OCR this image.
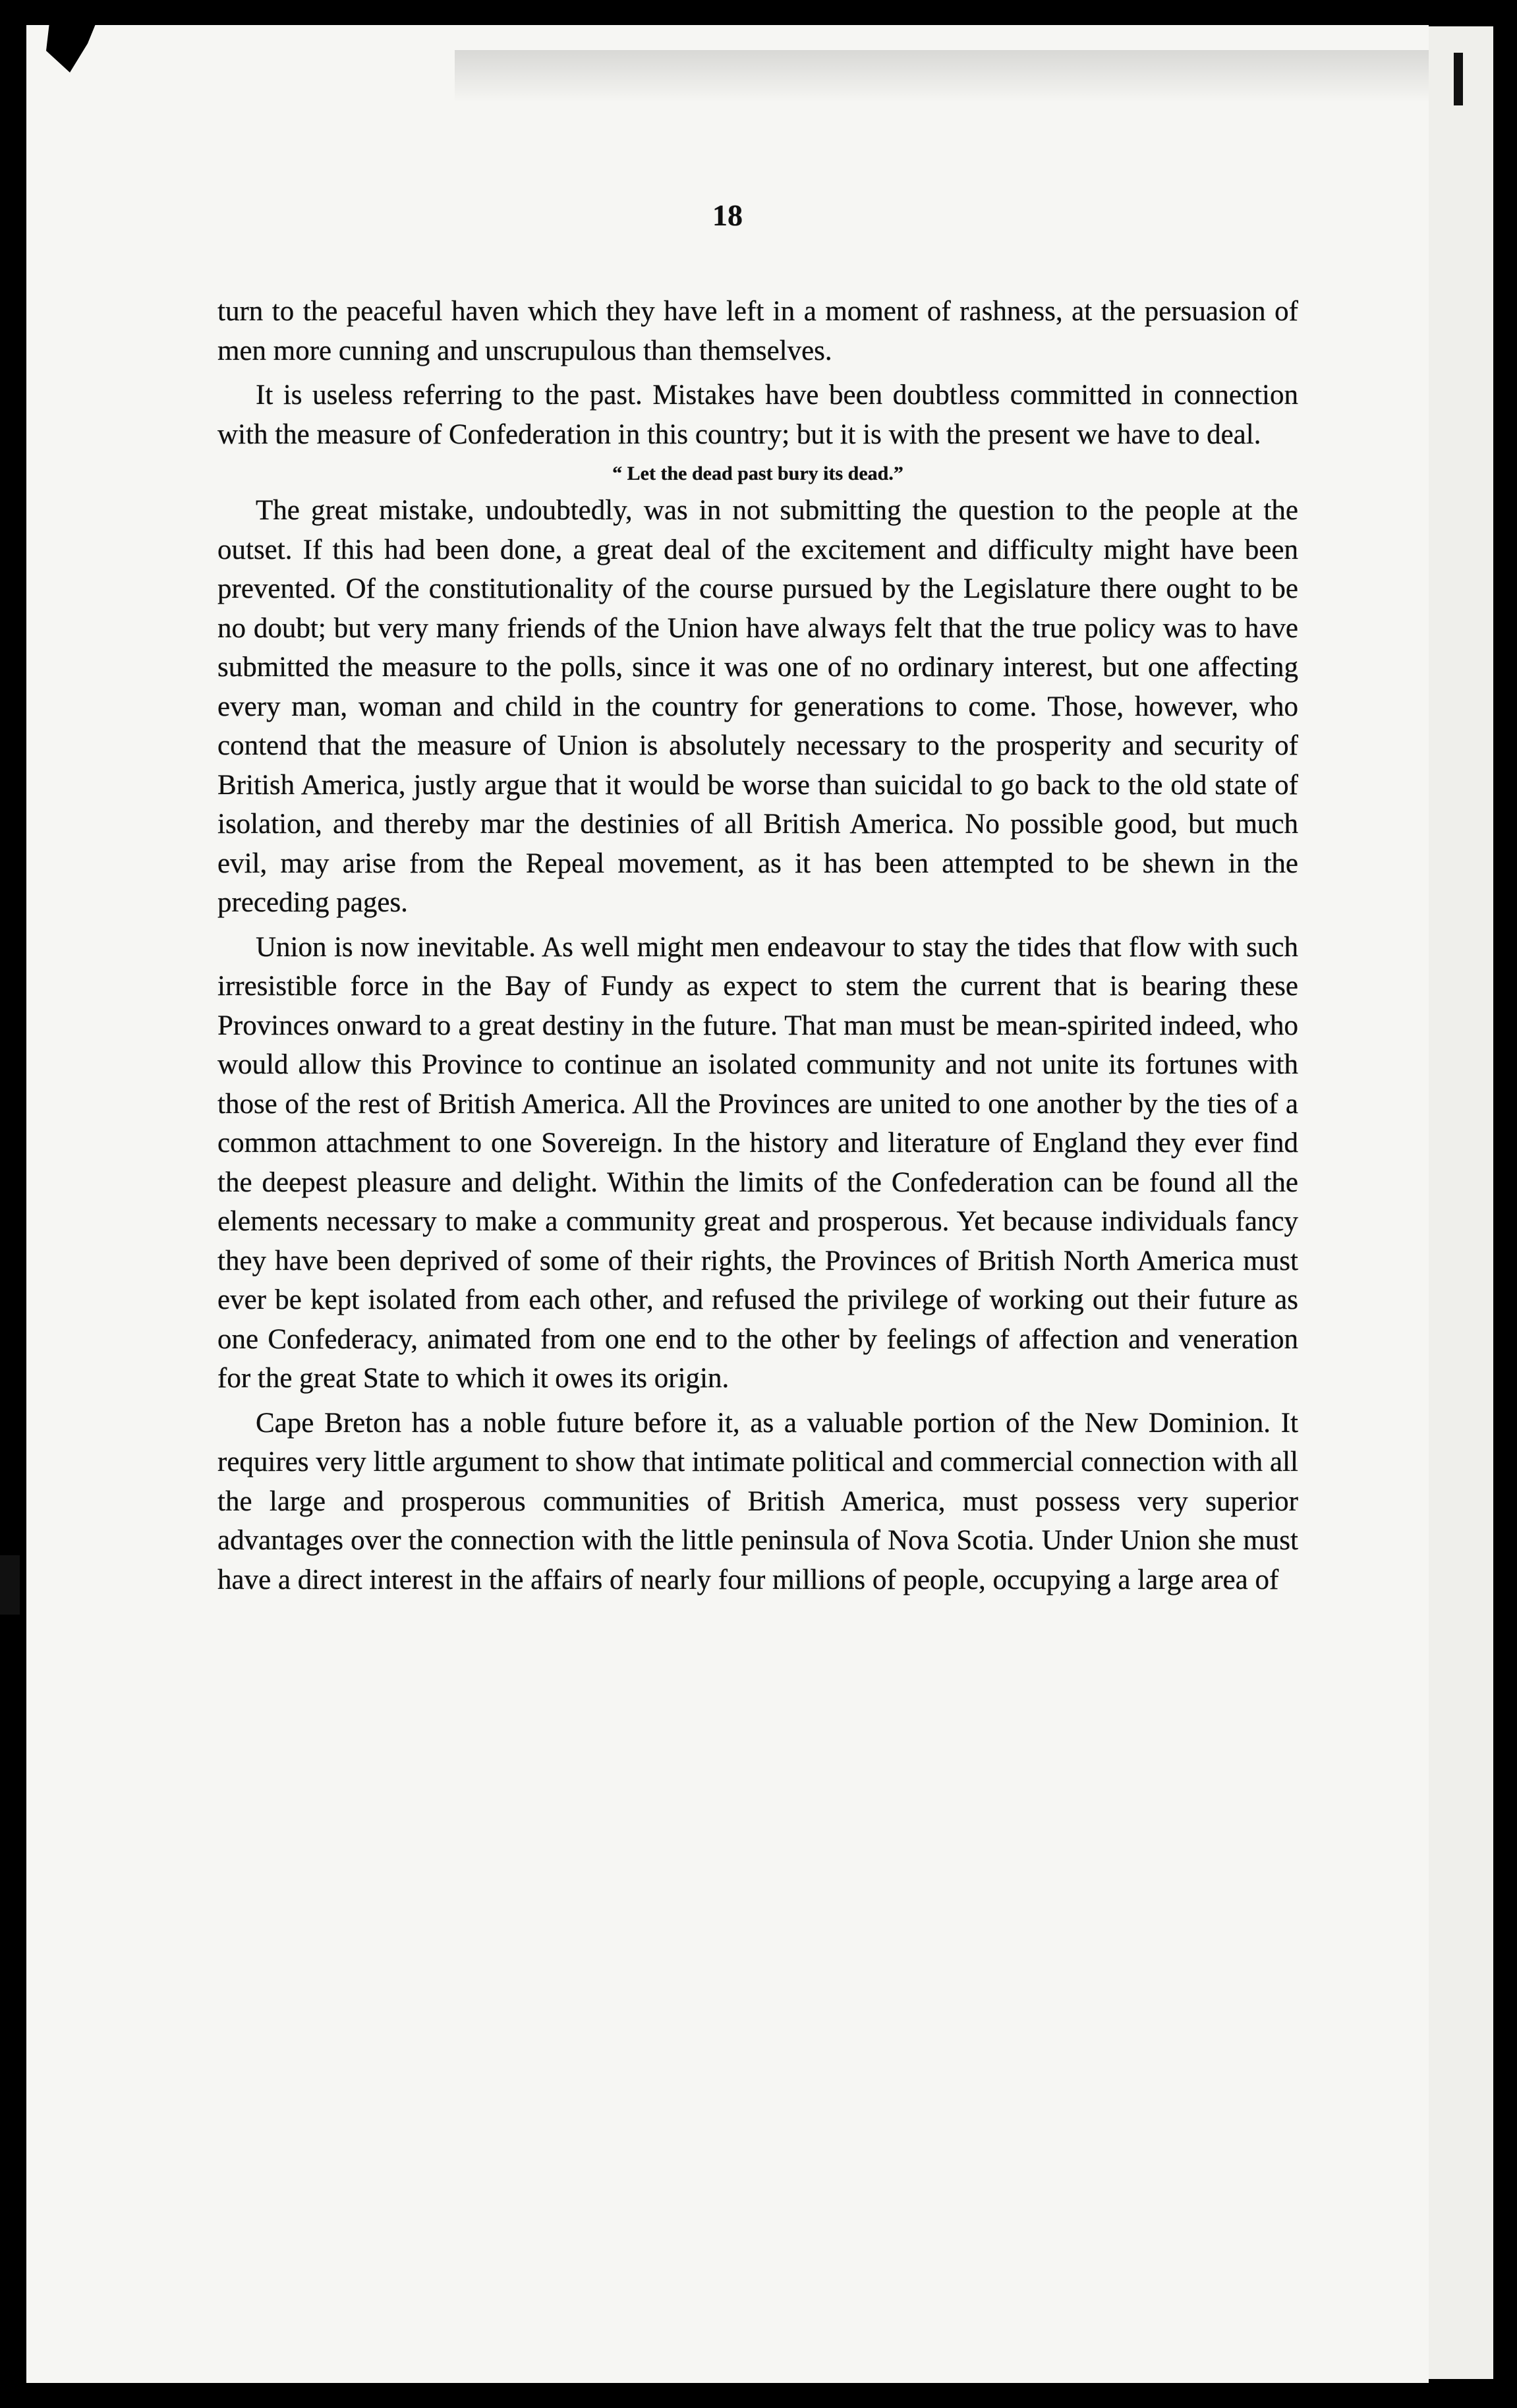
18

turn to the peaceful haven which they have left in a moment of rashness, at the persuasion of men more cunning and unscrupulous than themselves.

It is useless referring to the past. Mistakes have been doubtless committed in connection with the measure of Confederation in this country; but it is with the present we have to deal.

“ Let the dead past bury its dead.”

The great mistake, undoubtedly, was in not submitting the question to the people at the outset. If this had been done, a great deal of the excitement and difficulty might have been prevented. Of the constitutionality of the course pursued by the Legislature there ought to be no doubt; but very many friends of the Union have always felt that the true policy was to have submitted the measure to the polls, since it was one of no ordinary interest, but one affecting every man, woman and child in the country for generations to come. Those, however, who contend that the measure of Union is absolutely necessary to the prosperity and security of British America, justly argue that it would be worse than suicidal to go back to the old state of isolation, and thereby mar the destinies of all British America. No possible good, but much evil, may arise from the Repeal movement, as it has been attempted to be shewn in the preceding pages.

Union is now inevitable. As well might men endeavour to stay the tides that flow with such irresistible force in the Bay of Fundy as expect to stem the current that is bearing these Provinces onward to a great destiny in the future. That man must be mean-spirited indeed, who would allow this Province to continue an isolated community and not unite its fortunes with those of the rest of British America. All the Provinces are united to one another by the ties of a common attachment to one Sovereign. In the history and literature of England they ever find the deepest pleasure and delight. Within the limits of the Confederation can be found all the elements necessary to make a community great and prosperous. Yet because individuals fancy they have been deprived of some of their rights, the Provinces of British North America must ever be kept isolated from each other, and refused the privilege of working out their future as one Confederacy, animated from one end to the other by feelings of affection and veneration for the great State to which it owes its origin.

Cape Breton has a noble future before it, as a valuable portion of the New Dominion. It requires very little argument to show that intimate political and commercial connection with all the large and prosperous communities of British America, must possess very superior advantages over the connection with the little peninsula of Nova Scotia. Under Union she must have a direct interest in the affairs of nearly four millions of people, occupying a large area of
